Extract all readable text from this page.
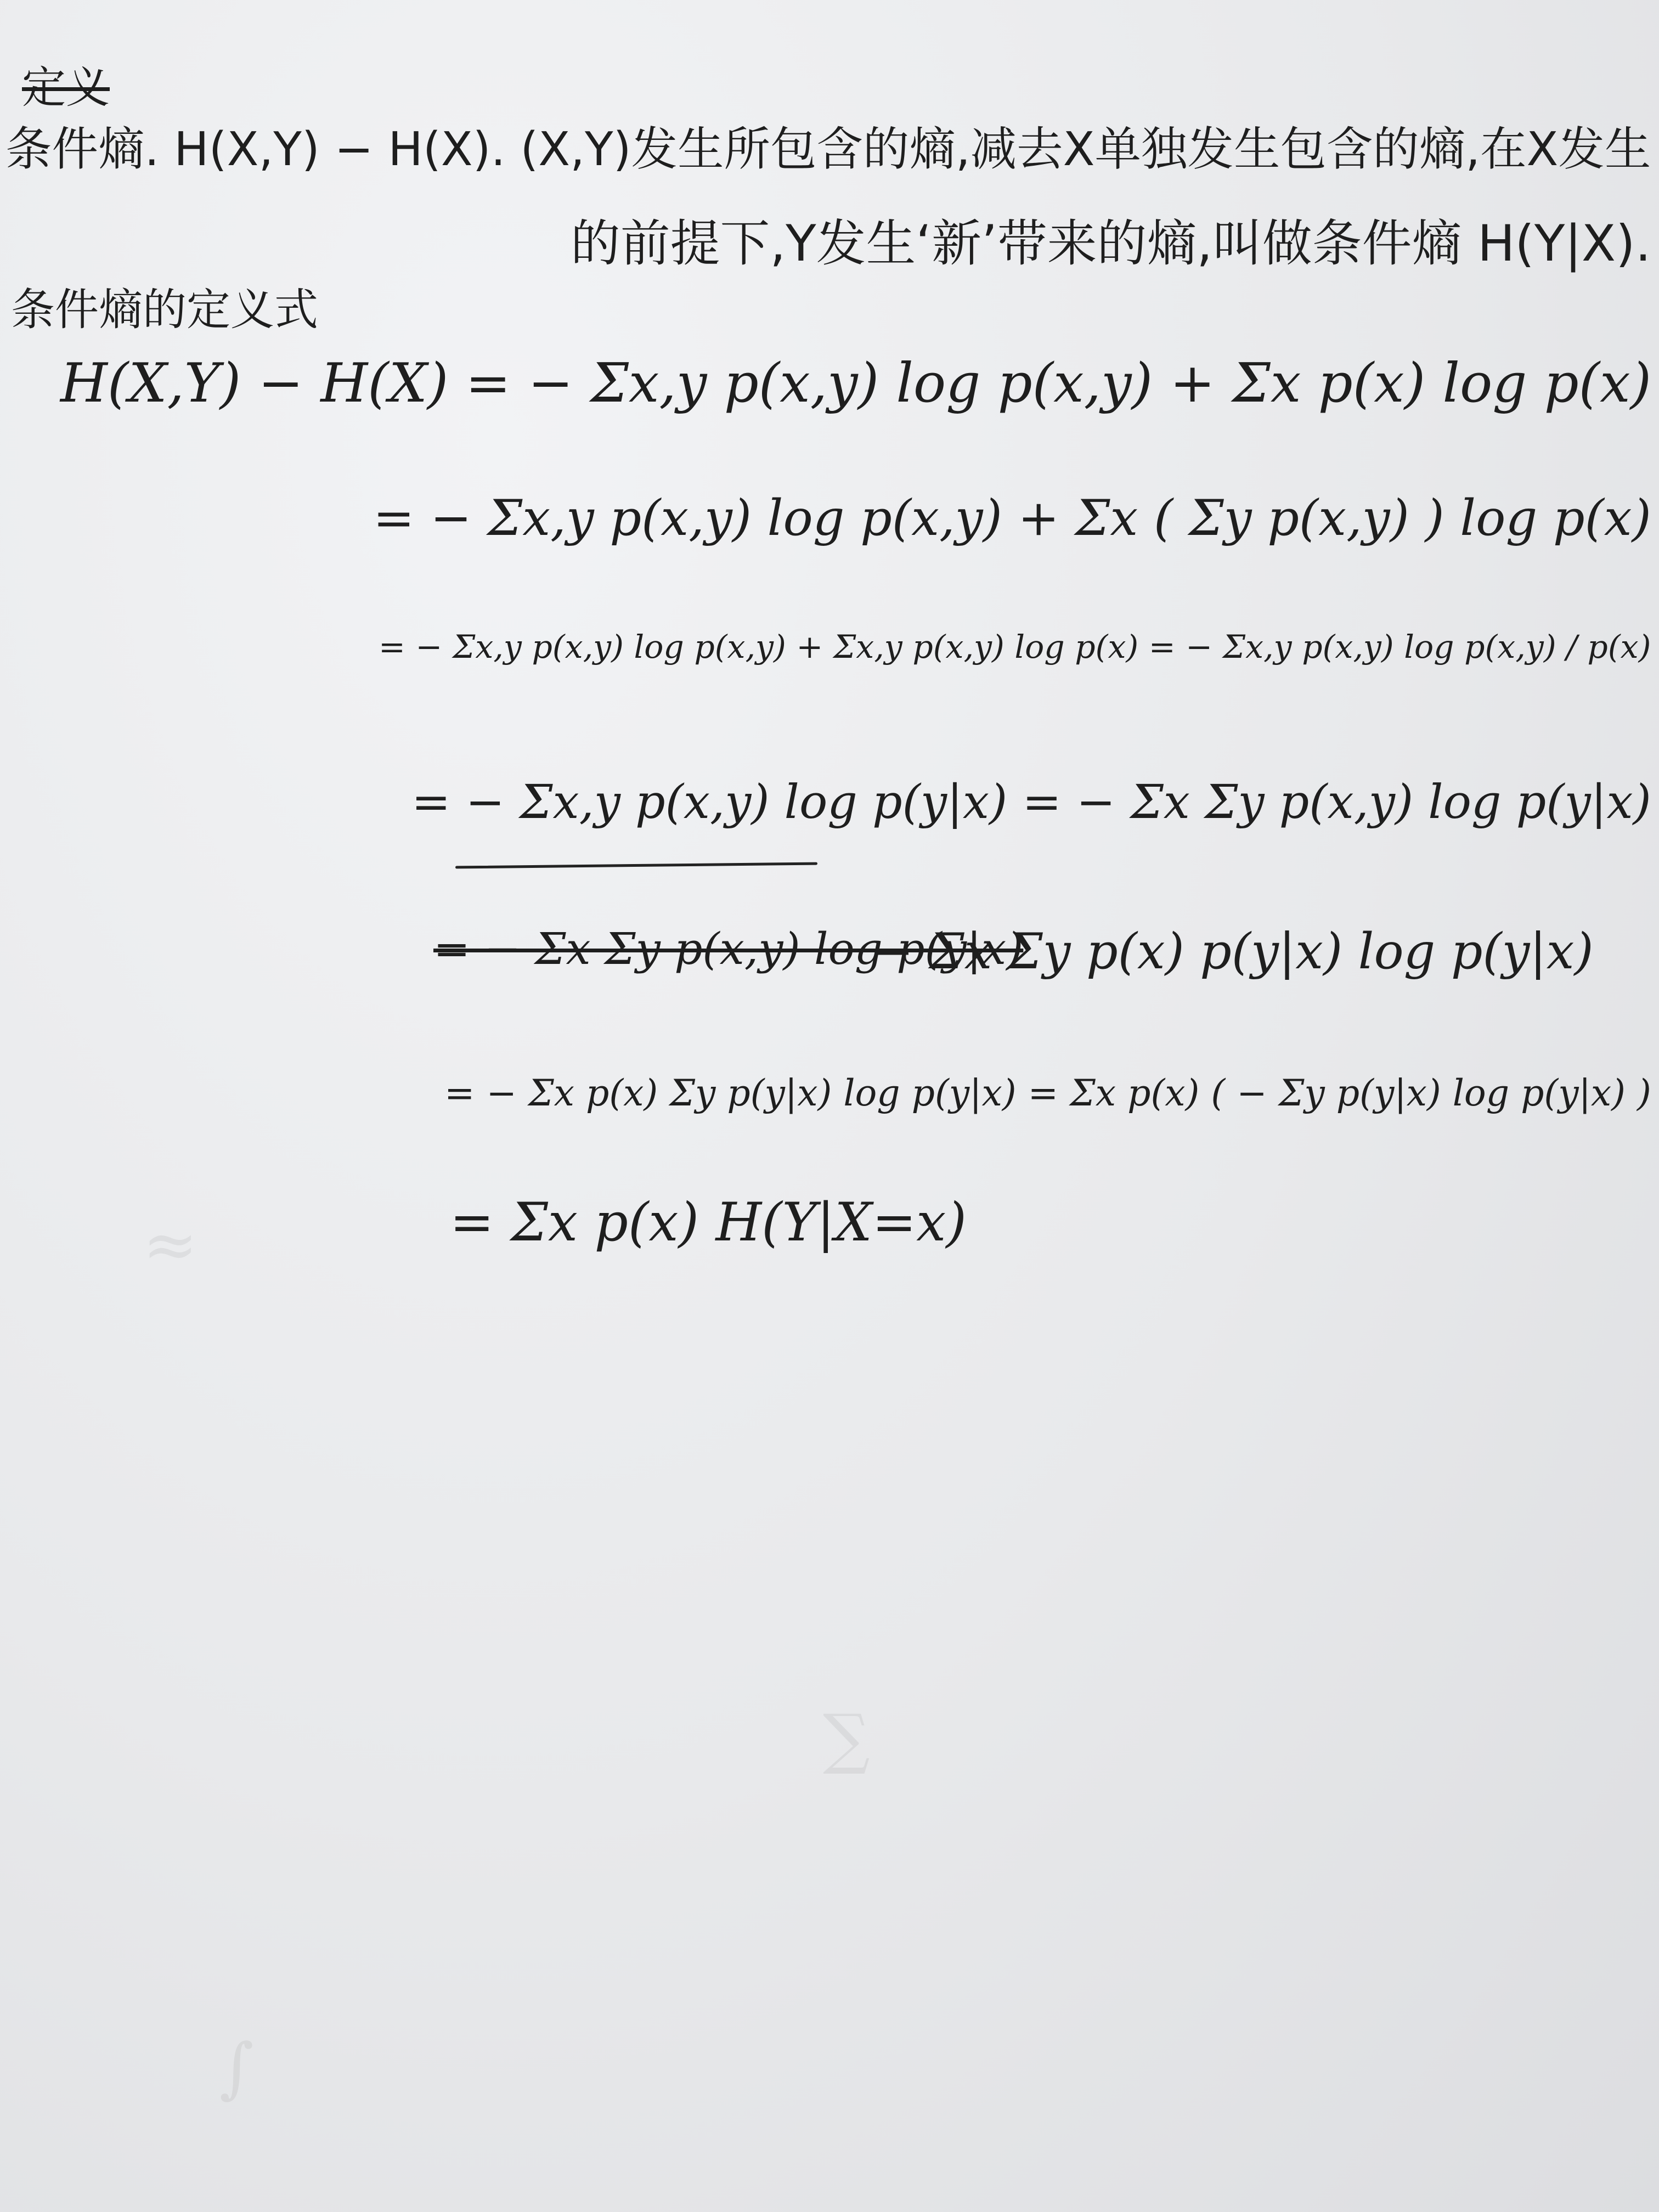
≈
∑
∫
定义
条件熵. H(X,Y) − H(X). (X,Y)发生所包含的熵,减去X单独发生包含的熵,在X发生
的前提下,Y发生‘新’带来的熵,叫做条件熵 H(Y|X).
条件熵的定义式
H(X,Y) − H(X) = − Σx,y p(x,y) log p(x,y) + Σx p(x) log p(x)
= − Σx,y p(x,y) log p(x,y) + Σx ( Σy p(x,y) ) log p(x)
= − Σx,y p(x,y) log p(x,y) + Σx,y p(x,y) log p(x) = − Σx,y p(x,y) log p(x,y) / p(x)
= − Σx,y p(x,y) log p(y|x) = − Σx Σy p(x,y) log p(y|x)
= − Σx Σy p(x,y) log p(y|x)
− Σx Σy p(x) p(y|x) log p(y|x)
= − Σx p(x) Σy p(y|x) log p(y|x) = Σx p(x) ( − Σy p(y|x) log p(y|x) )
= Σx p(x) H(Y|X=x)
